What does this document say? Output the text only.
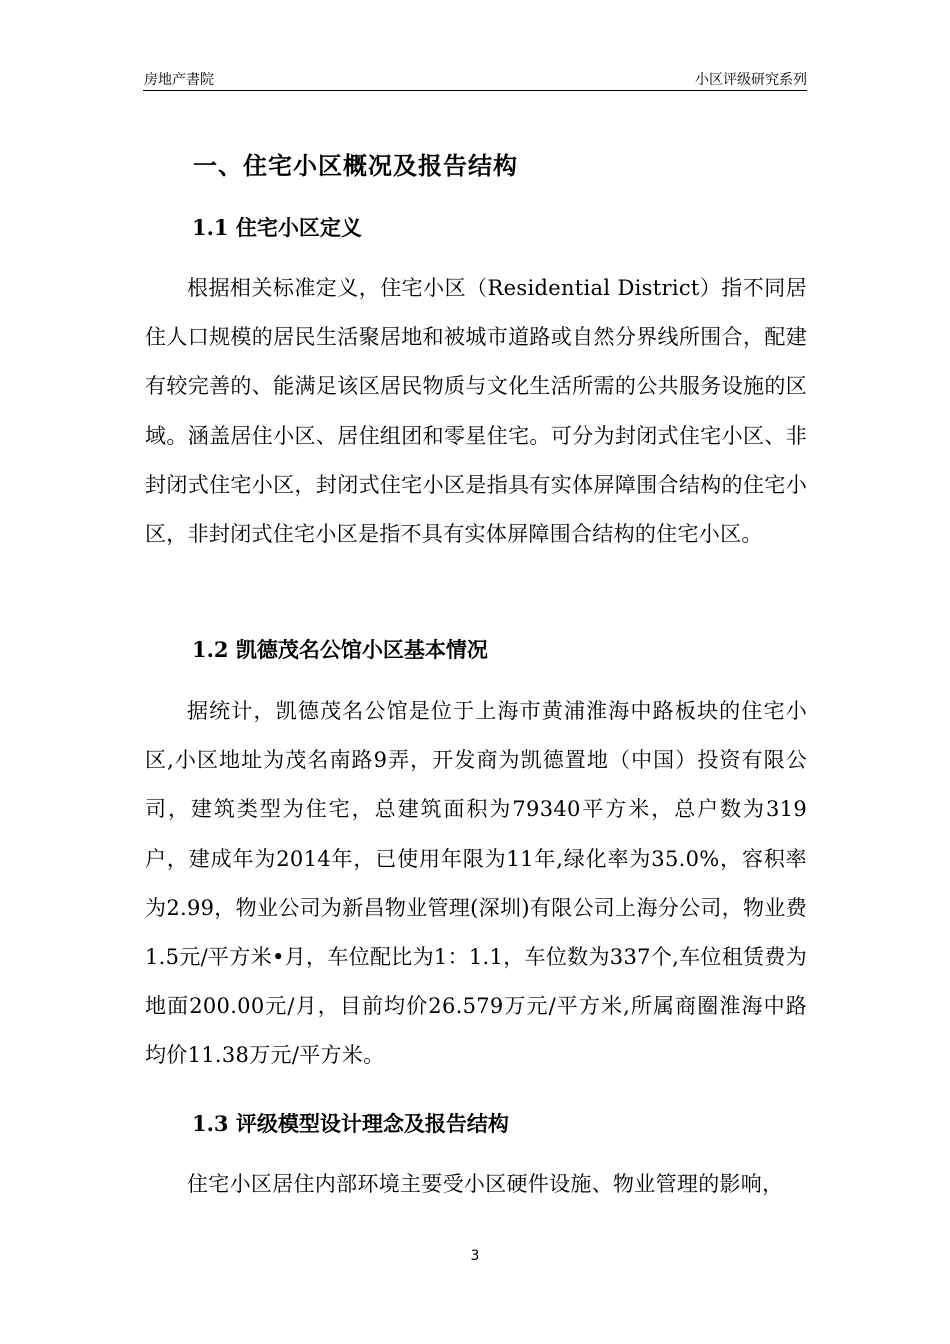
房地产書院	小区评级研究系列
一、住宅小区概况及报告结构
1.1 住宅小区定义
根据相关标准定义，住宅小区（Residential District）指不同居住人口规模的居民生活聚居地和被城市道路或自然分界线所围合，配建有较完善的、能满足该区居民物质与文化生活所需的公共服务设施的区域。涵盖居住小区、居住组团和零星住宅。可分为封闭式住宅小区、非封闭式住宅小区，封闭式住宅小区是指具有实体屏障围合结构的住宅小区，非封闭式住宅小区是指不具有实体屏障围合结构的住宅小区。
1.2 凯德茂名公馆小区基本情况
据统计，凯德茂名公馆是位于上海市黄浦淮海中路板块的住宅小区,小区地址为茂名南路9弄，开发商为凯德置地（中国）投资有限公司，建筑类型为住宅，总建筑面积为79340平方米，总户数为319户，建成年为2014年，已使用年限为11年,绿化率为35.0%，容积率为2.99，物业公司为新昌物业管理(深圳)有限公司上海分公司，物业费1.5元/平方米•月，车位配比为1：1.1，车位数为337个,车位租赁费为地面200.00元/月，目前均价26.579万元/平方米,所属商圈淮海中路均价11.38万元/平方米。
1.3 评级模型设计理念及报告结构
住宅小区居住内部环境主要受小区硬件设施、物业管理的影响，
3
